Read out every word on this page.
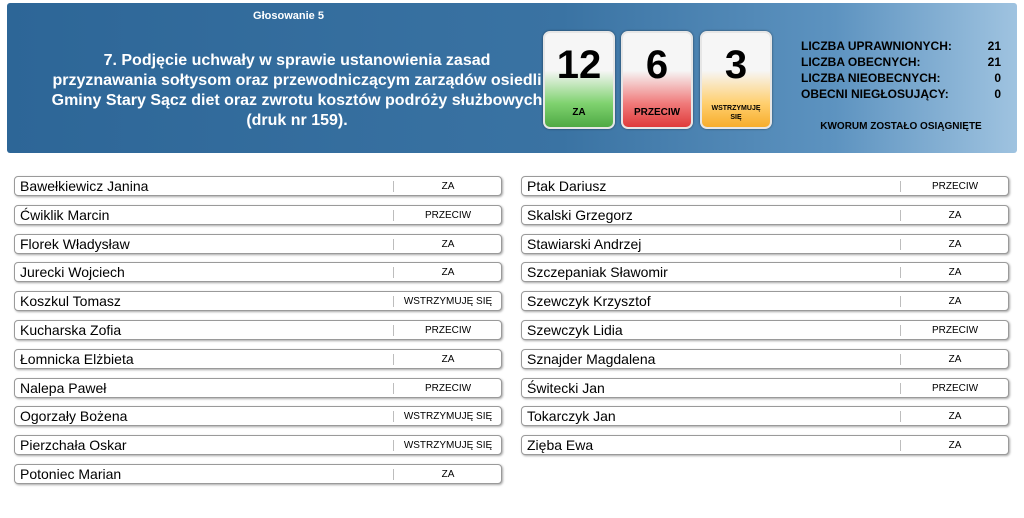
Głosowanie 5
7. Podjęcie uchwały w sprawie ustanowienia zasad
przyznawania sołtysom oraz przewodniczącym zarządów osiedli
Gminy Stary Sącz diet oraz zwrotu kosztów podróży służbowych
(druk nr 159).
12
ZA
6
PRZECIW
3
WSTRZYMUJĘ SIĘ
LICZBA UPRAWNIONYCH:	21
LICZBA OBECNYCH:	21
LICZBA NIEOBECNYCH:	0
OBECNI NIEGŁOSUJĄCY:	0
KWORUM ZOSTAŁO OSIĄGNIĘTE
Bawełkiewicz Janina	ZA
Ćwiklik Marcin	PRZECIW
Florek Władysław	ZA
Jurecki Wojciech	ZA
Koszkul Tomasz	WSTRZYMUJĘ SIĘ
Kucharska Zofia	PRZECIW
Łomnicka Elżbieta	ZA
Nalepa Paweł	PRZECIW
Ogorzały Bożena	WSTRZYMUJĘ SIĘ
Pierzchała Oskar	WSTRZYMUJĘ SIĘ
Potoniec Marian	ZA
Ptak Dariusz	PRZECIW
Skalski Grzegorz	ZA
Stawiarski Andrzej	ZA
Szczepaniak Sławomir	ZA
Szewczyk Krzysztof	ZA
Szewczyk Lidia	PRZECIW
Sznajder Magdalena	ZA
Świtecki Jan	PRZECIW
Tokarczyk Jan	ZA
Zięba Ewa	ZA
